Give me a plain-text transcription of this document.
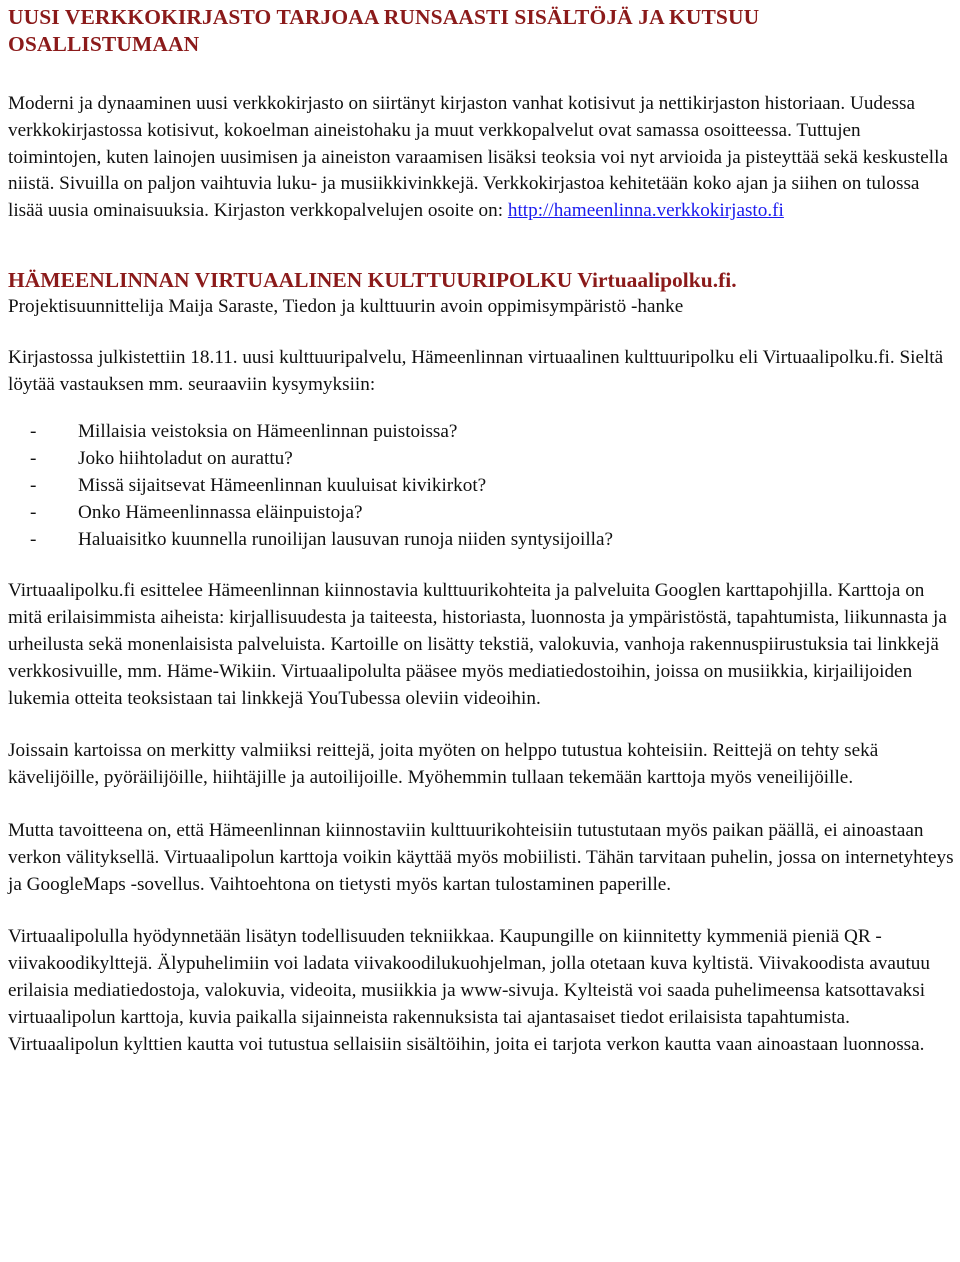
UUSI VERKKOKIRJASTO TARJOAA RUNSAASTI SISÄLTÖJÄ JA KUTSUU OSALLISTUMAAN

Moderni ja dynaaminen uusi verkkokirjasto on siirtänyt kirjaston vanhat kotisivut ja nettikirjaston historiaan. Uudessa verkkokirjastossa kotisivut, kokoelman aineistohaku ja muut verkkopalvelut ovat samassa osoitteessa. Tuttujen toimintojen, kuten lainojen uusimisen ja aineiston varaamisen lisäksi teoksia voi nyt arvioida ja pisteyttää sekä keskustella niistä. Sivuilla on paljon vaihtuvia luku- ja musiikkivinkkejä. Verkkokirjastoa kehitetään koko ajan ja siihen on tulossa lisää uusia ominaisuuksia. Kirjaston verkkopalvelujen osoite on: http://hameenlinna.verkkokirjasto.fi

HÄMEENLINNAN VIRTUAALINEN KULTTUURIPOLKU Virtuaalipolku.fi.

Projektisuunnittelija Maija Saraste, Tiedon ja kulttuurin avoin oppimisympäristö -hanke

Kirjastossa julkistettiin 18.11. uusi kulttuuripalvelu, Hämeenlinnan virtuaalinen kulttuuripolku eli Virtuaalipolku.fi. Sieltä löytää vastauksen mm. seuraaviin kysymyksiin:

-	Millaisia veistoksia on Hämeenlinnan puistoissa?
-	Joko hiihtoladut on aurattu?
-	Missä sijaitsevat Hämeenlinnan kuuluisat kivikirkot?
-	Onko Hämeenlinnassa eläinpuistoja?
-	Haluaisitko kuunnella runoilijan lausuvan runoja niiden syntysijoilla?

Virtuaalipolku.fi esittelee Hämeenlinnan kiinnostavia kulttuurikohteita ja palveluita Googlen karttapohjilla. Karttoja on mitä erilaisimmista aiheista: kirjallisuudesta ja taiteesta, historiasta, luonnosta ja ympäristöstä, tapahtumista, liikunnasta ja urheilusta sekä monenlaisista palveluista. Kartoille on lisätty tekstiä, valokuvia, vanhoja rakennuspiirustuksia tai linkkejä verkkosivuille, mm. Häme-Wikiin. Virtuaalipolulta pääsee myös mediatiedostoihin, joissa on musiikkia, kirjailijoiden lukemia otteita teoksistaan tai linkkejä YouTubessa oleviin videoihin.

Joissain kartoissa on merkitty valmiiksi reittejä, joita myöten on helppo tutustua kohteisiin. Reittejä on tehty sekä kävelijöille, pyöräilijöille, hiihtäjille ja autoilijoille. Myöhemmin tullaan tekemään karttoja myös veneilijöille.

Mutta tavoitteena on, että Hämeenlinnan kiinnostaviin kulttuurikohteisiin tutustutaan myös paikan päällä, ei ainoastaan verkon välityksellä. Virtuaalipolun karttoja voikin käyttää myös mobiilisti. Tähän tarvitaan puhelin, jossa on internetyhteys ja GoogleMaps -sovellus. Vaihtoehtona on tietysti myös kartan tulostaminen paperille.

Virtuaalipolulla hyödynnetään lisätyn todellisuuden tekniikkaa. Kaupungille on kiinnitetty kymmeniä pieniä QR -viivakoodikylttejä. Älypuhelimiin voi ladata viivakoodilukuohjelman, jolla otetaan kuva kyltistä. Viivakoodista avautuu erilaisia mediatiedostoja, valokuvia, videoita, musiikkia ja www-sivuja. Kylteistä voi saada puhelimeensa katsottavaksi virtuaalipolun karttoja, kuvia paikalla sijainneista rakennuksista tai ajantasaiset tiedot erilaisista tapahtumista. Virtuaalipolun kylttien kautta voi tutustua sellaisiin sisältöihin, joita ei tarjota verkon kautta vaan ainoastaan luonnossa.
